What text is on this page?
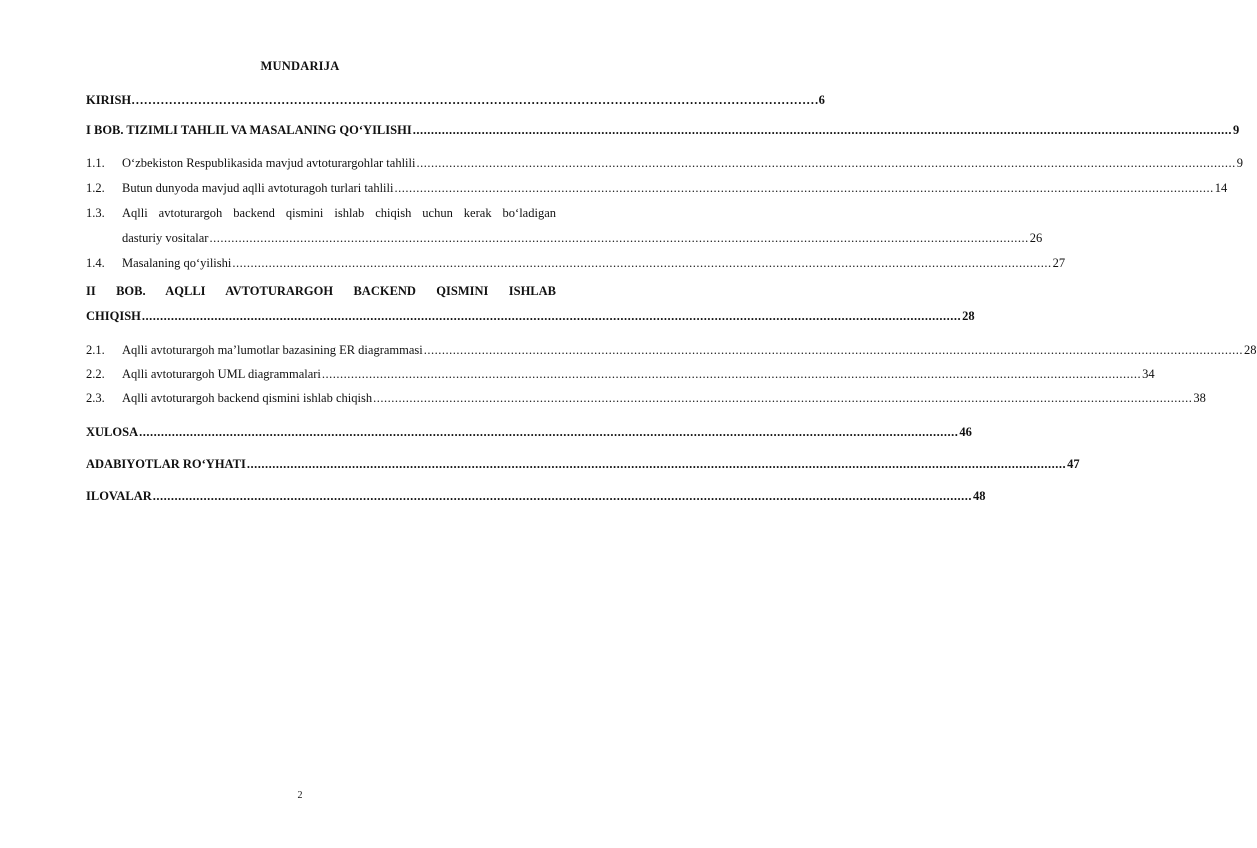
MUNDARIJA
KIRISH………………………………………………………………………………………………………………………………………………… 6
I BOB. TIZIMLI TAHLIL VA MASALANING QO‘YILISHI .....	9
1.1.	O‘zbekiston Respublikasida mavjud avtoturargohlar tahlili .....	9
1.2.	Butun dunyoda mavjud aqlli avtoturagoh turlari tahlili .....	14
1.3.	Aqlli avtoturargoh backend qismini ishlab chiqish uchun kerak bo‘ladigan
dasturiy vositalar .....	26
1.4.	Masalaning qo‘yilishi .....	27
II BOB. AQLLI AVTOTURARGOH BACKEND QISMINI ISHLAB
CHIQISH .....	28
2.1.	Aqlli avtoturargoh ma’lumotlar bazasining ER diagrammasi .....	28
2.2.	Aqlli avtoturargoh UML diagrammalari .....	34
2.3.	Aqlli avtoturargoh backend qismini ishlab chiqish .....	38
XULOSA .....	46
ADABIYOTLAR RO‘YHATI .....	47
ILOVALAR .....	48
2
